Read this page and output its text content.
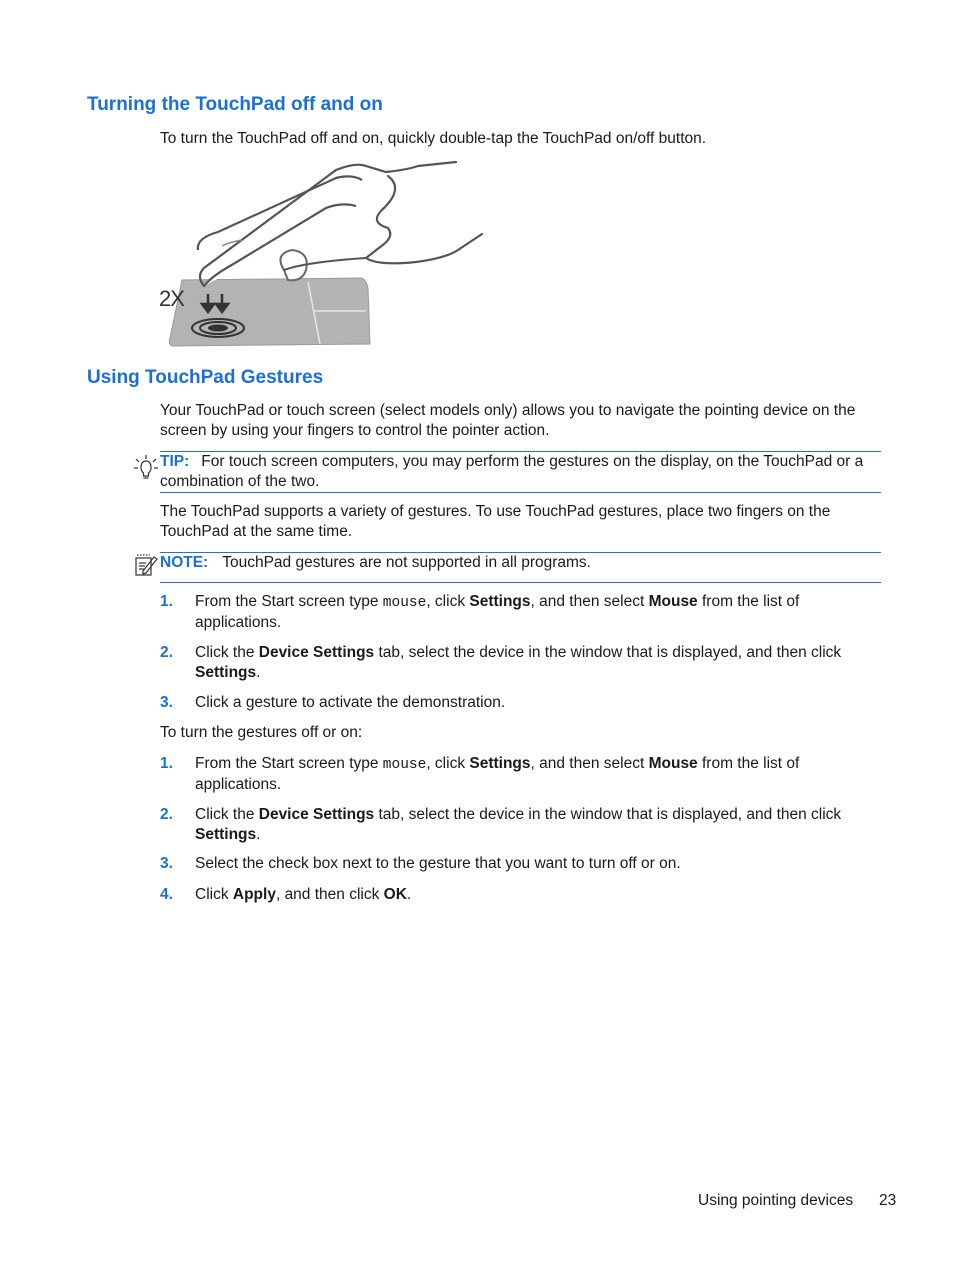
Turning the TouchPad off and on

To turn the TouchPad off and on, quickly double-tap the TouchPad on/off button.

2X
Using TouchPad Gestures

Your TouchPad or touch screen (select models only) allows you to navigate the pointing device on the screen by using your fingers to control the pointer action.

TIP: For touch screen computers, you may perform the gestures on the display, on the TouchPad or a combination of the two.

The TouchPad supports a variety of gestures. To use TouchPad gestures, place two fingers on the TouchPad at the same time.

NOTE: TouchPad gestures are not supported in all programs.
1. From the Start screen type mouse, click Settings, and then select Mouse from the list of applications.
2. Click the Device Settings tab, select the device in the window that is displayed, and then click Settings.
3. Click a gesture to activate the demonstration.

To turn the gestures off or on:

1. From the Start screen type mouse, click Settings, and then select Mouse from the list of applications.
2. Click the Device Settings tab, select the device in the window that is displayed, and then click Settings.
3. Select the check box next to the gesture that you want to turn off or on.
4. Click Apply, and then click OK.
Using pointing devices 23
